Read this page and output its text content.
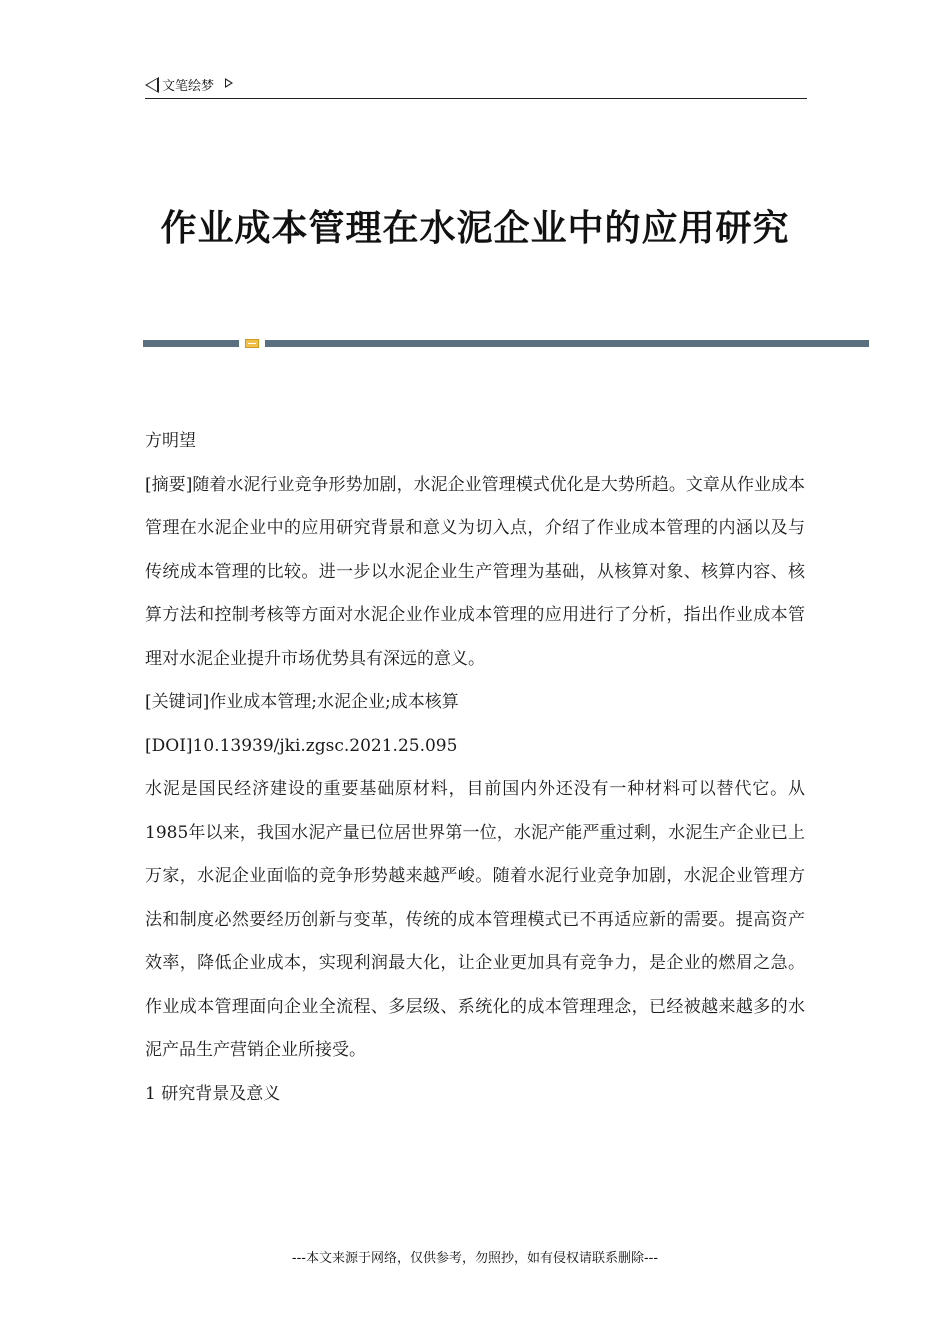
文笔绘梦
作业成本管理在水泥企业中的应用研究

方明望

[摘要]随着水泥行业竞争形势加剧，水泥企业管理模式优化是大势所趋。文章从作业成本管理在水泥企业中的应用研究背景和意义为切入点，介绍了作业成本管理的内涵以及与传统成本管理的比较。进一步以水泥企业生产管理为基础，从核算对象、核算内容、核算方法和控制考核等方面对水泥企业作业成本管理的应用进行了分析，指出作业成本管理对水泥企业提升市场优势具有深远的意义。

[关键词]作业成本管理;水泥企业;成本核算

[DOI]10.13939/jki.zgsc.2021.25.095

水泥是国民经济建设的重要基础原材料，目前国内外还没有一种材料可以替代它。从1985年以来，我国水泥产量已位居世界第一位，水泥产能严重过剩，水泥生产企业已上万家，水泥企业面临的竞争形势越来越严峻。随着水泥行业竞争加剧，水泥企业管理方法和制度必然要经历创新与变革，传统的成本管理模式已不再适应新的需要。提高资产效率，降低企业成本，实现利润最大化，让企业更加具有竞争力，是企业的燃眉之急。作业成本管理面向企业全流程、多层级、系统化的成本管理理念，已经被越来越多的水泥产品生产营销企业所接受。

1 研究背景及意义

---本文来源于网络，仅供参考，勿照抄，如有侵权请联系删除---
